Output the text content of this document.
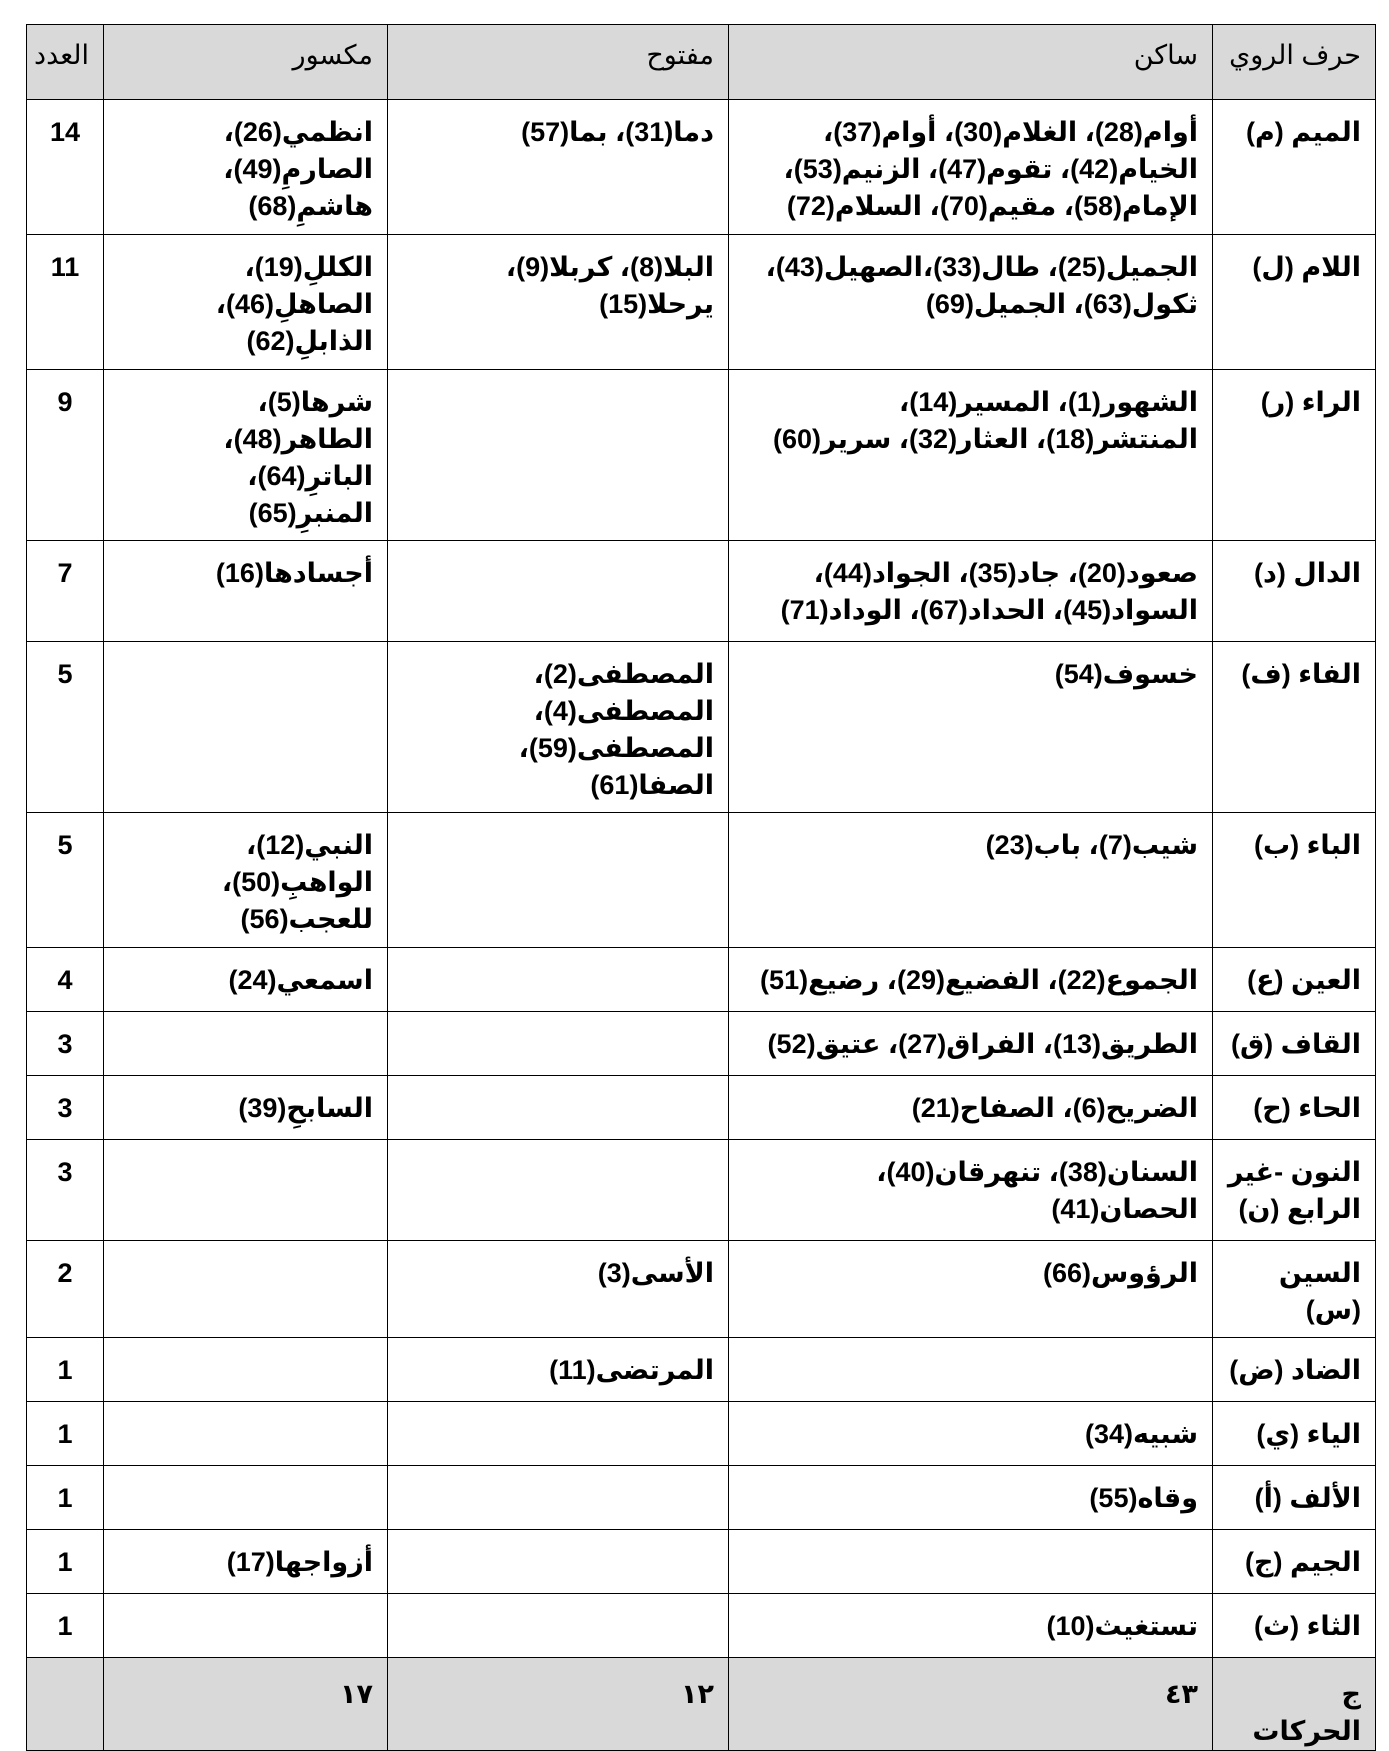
حرف الروي	ساكن	مفتوح	مكسور	العدد
الميم (م)	أوام(28)، الغلام(30)، أوام(37)، الخيام(42)، تقوم(47)، الزنيم(53)، الإمام(58)، مقيم(70)، السلام(72)	دما(31)، بما(57)	انظمي(26)، الصارمِ(49)، هاشمِ(68)	14
اللام (ل)	الجميل(25)، طال(33)،الصهيل(43)، ثكول(63)، الجميل(69)	البلا(8)، كربلا(9)، يرحلا(15)	الكللِ(19)، الصاهلِ(46)، الذابلِ(62)	11
الراء (ر)	الشهور(1)، المسير(14)، المنتشر(18)، العثار(32)، سرير(60)		شرها(5)، الطاهر(48)، الباترِ(64)، المنبرِ(65)	9
الدال (د)	صعود(20)، جاد(35)، الجواد(44)، السواد(45)، الحداد(67)، الوداد(71)		أجسادها(16)	7
الفاء (ف)	خسوف(54)	المصطفى(2)، المصطفى(4)، المصطفى(59)، الصفا(61)		5
الباء (ب)	شيب(7)، باب(23)		النبي(12)، الواهبِ(50)، للعجب(56)	5
العين (ع)	الجموع(22)، الفضيع(29)، رضيع(51)		اسمعي(24)	4
القاف (ق)	الطريق(13)، الفراق(27)، عتيق(52)			3
الحاء (ح)	الضريح(6)، الصفاح(21)		السابحِ(39)	3
النون -غير الرابع (ن)	السنان(38)، تنهرقان(40)، الحصان(41)			3
السين (س)	الرؤوس(66)	الأسى(3)		2
الضاد (ض)		المرتضى(11)		1
الياء (ي)	شبيه(34)			1
الألف (أ)	وقاه(55)			1
الجيم (ج)			أزواجها(17)	1
الثاء (ث)	تستغيث(10)			1
ج الحركات	٤٣	١٢	١٧	
